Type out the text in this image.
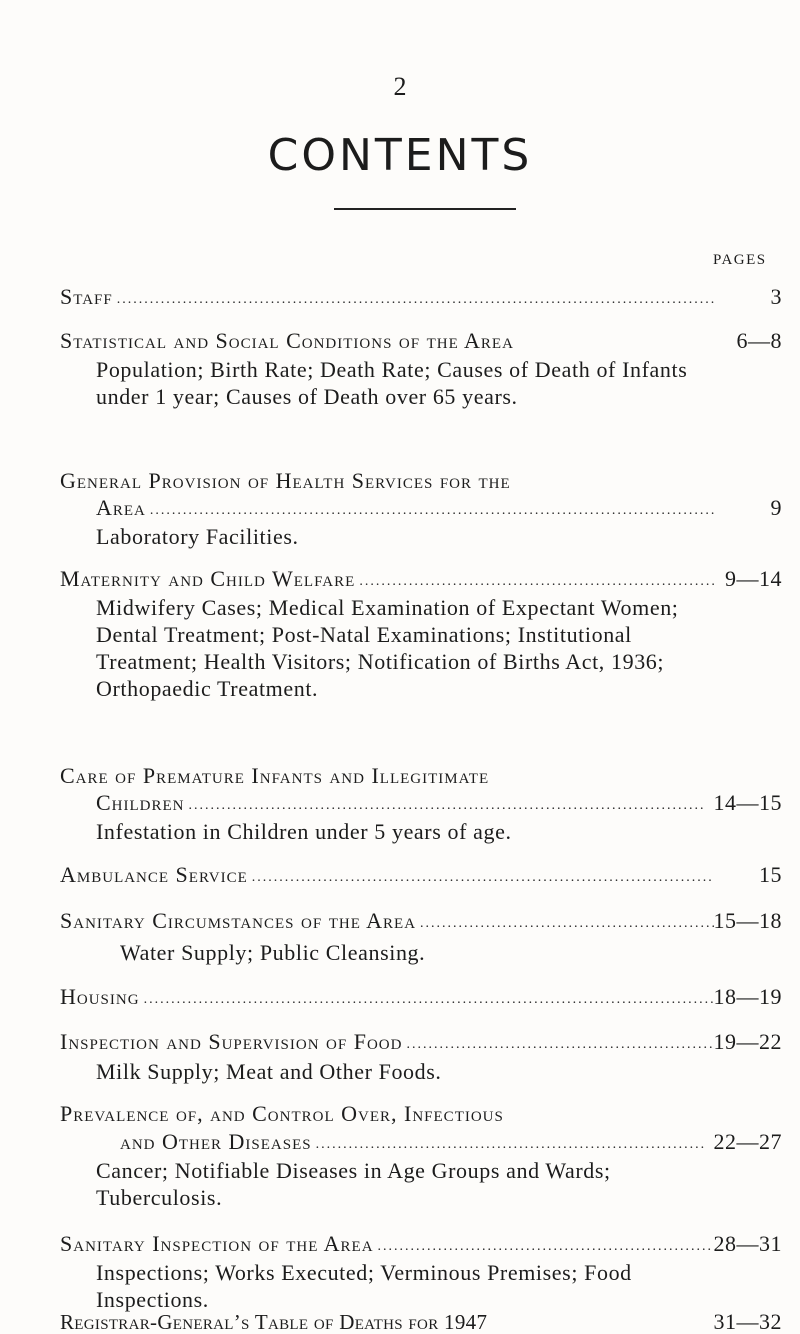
2
CONTENTS
PAGES
Staff .....	3
Statistical and Social Conditions of the Area	6—8
Population; Birth Rate; Death Rate; Causes of Death of Infants under 1 year; Causes of Death over 65 years.
General Provision of Health Services for the
Area .....	9
Laboratory Facilities.
Maternity and Child Welfare .....	9—14
Midwifery Cases; Medical Examination of Expectant Women; Dental Treatment; Post-Natal Examinations; Institutional Treatment; Health Visitors; Notification of Births Act, 1936; Orthopaedic Treatment.
Care of Premature Infants and Illegitimate
Children .....	14—15
Infestation in Children under 5 years of age.
Ambulance Service .....	15
Sanitary Circumstances of the Area .....	15—18
Water Supply; Public Cleansing.
Housing .....	18—19
Inspection and Supervision of Food .....	19—22
Milk Supply; Meat and Other Foods.
Prevalence of, and Control Over, Infectious
and Other Diseases .....	22—27
Cancer; Notifiable Diseases in Age Groups and Wards; Tuberculosis.
Sanitary Inspection of the Area .....	28—31
Inspections; Works Executed; Verminous Premises; Food Inspections.
Registrar-General’s Table of Deaths for 1947	31—32
